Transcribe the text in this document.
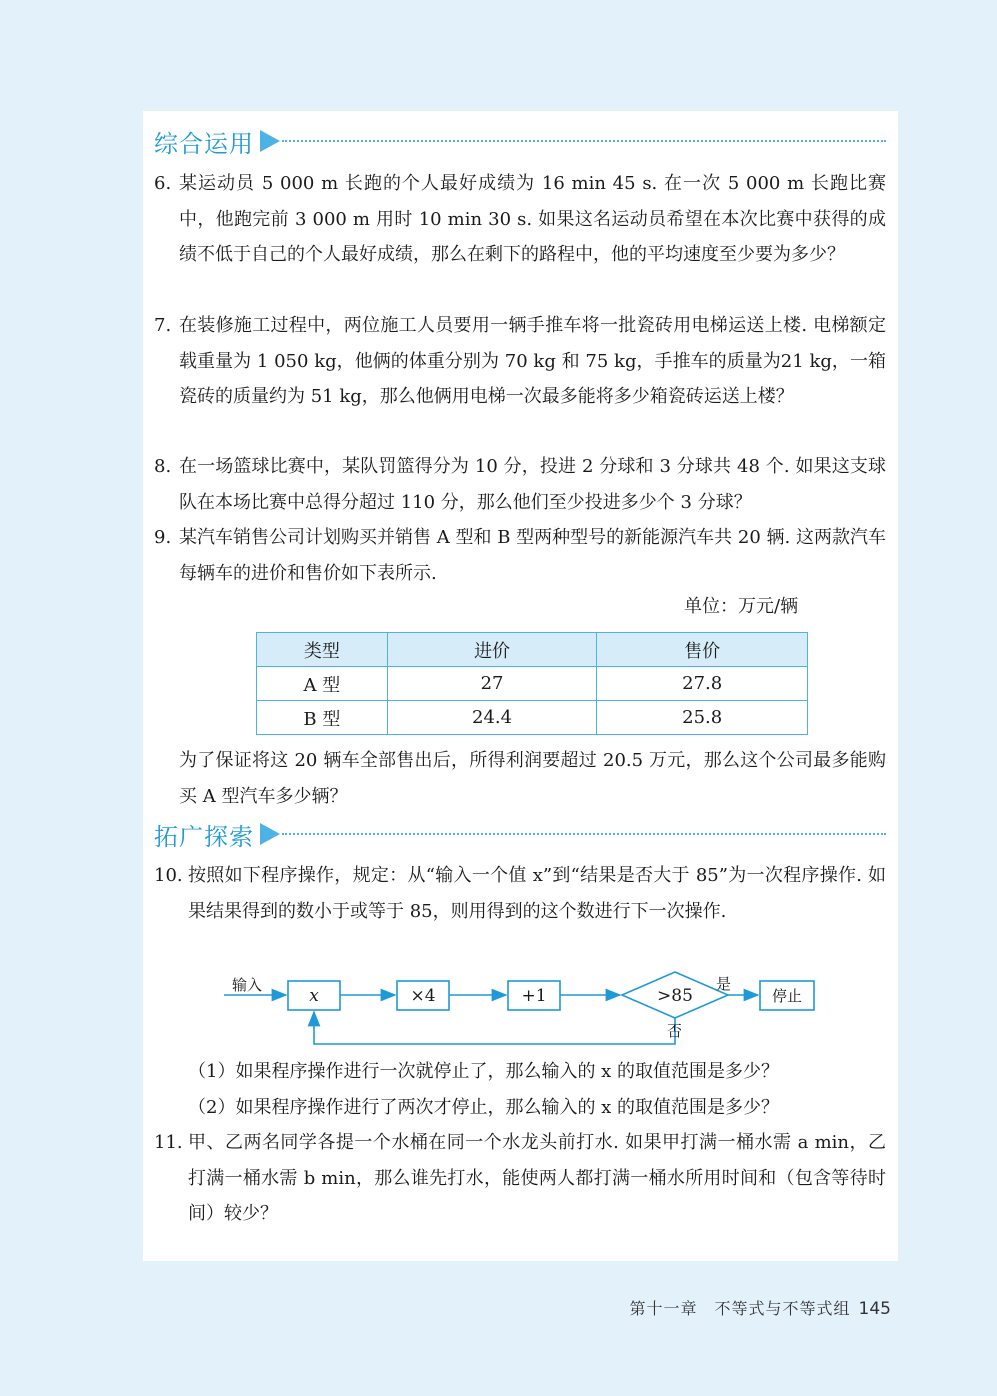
综合运用
6. 某运动员 5 000 m 长跑的个人最好成绩为 16 min 45 s. 在一次 5 000 m 长跑比赛中，他跑完前 3 000 m 用时 10 min 30 s. 如果这名运动员希望在本次比赛中获得的成绩不低于自己的个人最好成绩，那么在剩下的路程中，他的平均速度至少要为多少？
7. 在装修施工过程中，两位施工人员要用一辆手推车将一批瓷砖用电梯运送上楼. 电梯额定载重量为 1 050 kg，他俩的体重分别为 70 kg 和 75 kg，手推车的质量为21 kg，一箱瓷砖的质量约为 51 kg，那么他俩用电梯一次最多能将多少箱瓷砖运送上楼？
8. 在一场篮球比赛中，某队罚篮得分为 10 分，投进 2 分球和 3 分球共 48 个. 如果这支球队在本场比赛中总得分超过 110 分，那么他们至少投进多少个 3 分球？
9. 某汽车销售公司计划购买并销售 A 型和 B 型两种型号的新能源汽车共 20 辆. 这两款汽车每辆车的进价和售价如下表所示.
单位：万元/辆
类型	进价	售价
A 型	27	27.8
B 型	24.4	25.8
为了保证将这 20 辆车全部售出后，所得利润要超过 20.5 万元，那么这个公司最多能购买 A 型汽车多少辆？
拓广探索
10. 按照如下程序操作，规定：从“输入一个值 x”到“结果是否大于 85”为一次程序操作. 如果结果得到的数小于或等于 85，则用得到的这个数进行下一次操作.
输入
x	×4	+1	>85
是
否
停止
（1）如果程序操作进行一次就停止了，那么输入的 x 的取值范围是多少？
（2）如果程序操作进行了两次才停止，那么输入的 x 的取值范围是多少？
11. 甲、乙两名同学各提一个水桶在同一个水龙头前打水. 如果甲打满一桶水需 a min，乙打满一桶水需 b min，那么谁先打水，能使两人都打满一桶水所用时间和（包含等待时间）较少？
第十一章　不等式与不等式组 145
